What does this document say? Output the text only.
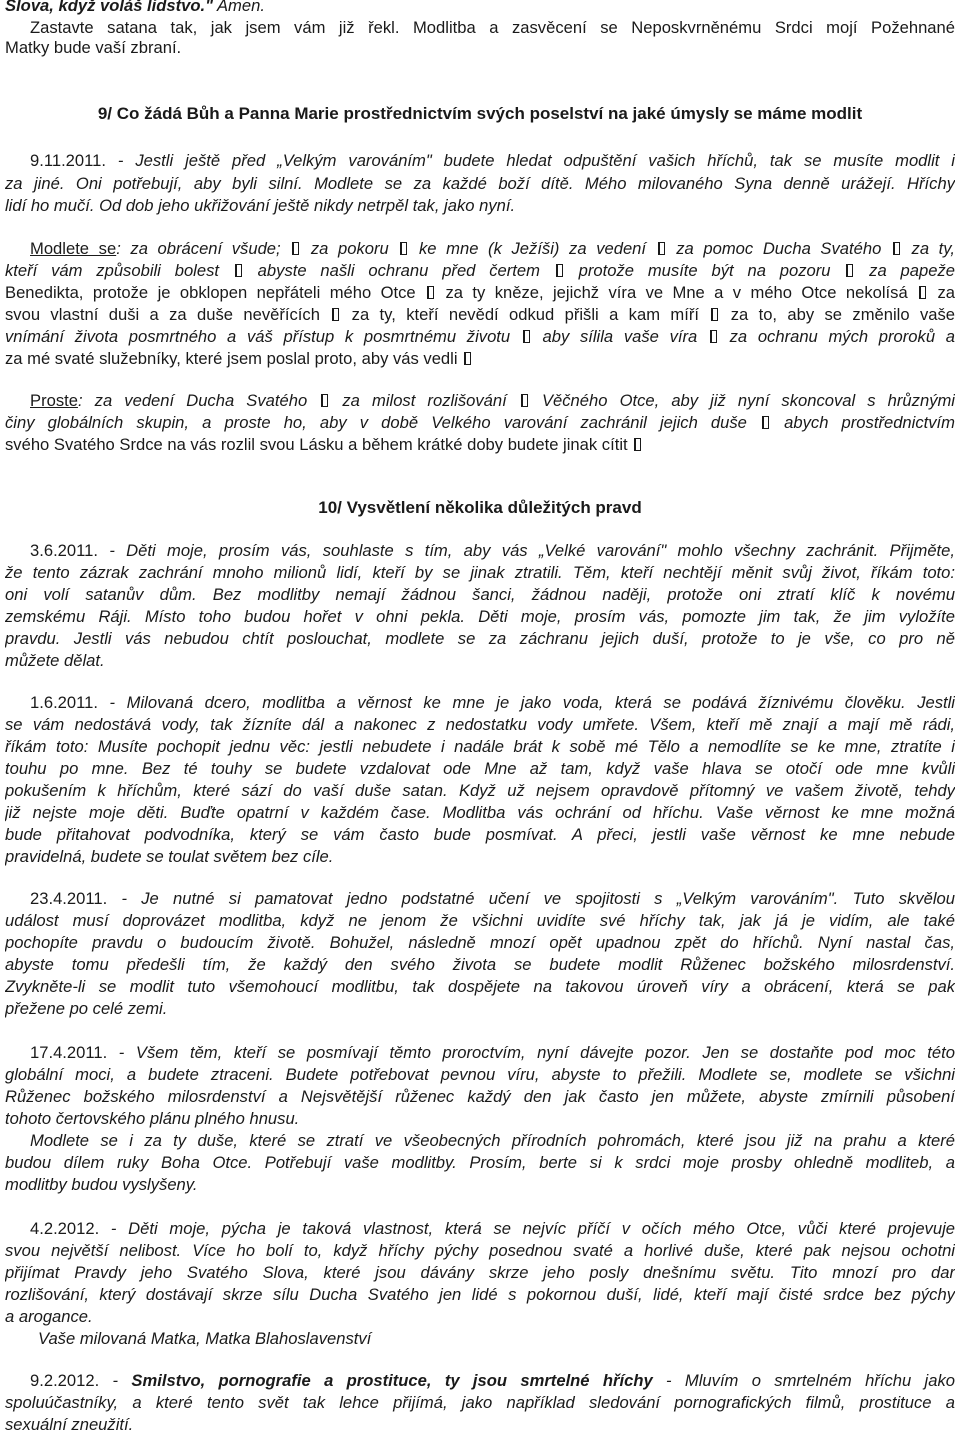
Slova, když voláš lidstvo." Amen.
Zastavte satana tak, jak jsem vám již řekl. Modlitba a zasvěcení se Neposkvrněnému Srdci mojí Požehnané
Matky bude vaší zbraní.
9/ Co žádá Bůh a Panna Marie prostřednictvím svých poselství na jaké úmysly se máme modlit
9.11.2011. - Jestli ještě před „Velkým varováním" budete hledat odpuštění vašich hříchů, tak se musíte modlit i
za jiné. Oni potřebují, aby byli silní. Modlete se za každé boží dítě. Mého milovaného Syna denně urážejí. Hříchy
lidí ho mučí. Od dob jeho ukřižování ještě nikdy netrpěl tak, jako nyní.
Modlete se: za obrácení všude;  za pokoru  ke mne (k Ježíši) za vedení  za pomoc Ducha Svatého  za ty,
kteří vám způsobili bolest  abyste našli ochranu před čertem  protože musíte být na pozoru  za papeže
Benedikta, protože je obklopen nepřáteli mého Otce  za ty kněze, jejichž víra ve Mne a v mého Otce nekolísá  za
svou vlastní duši a za duše nevěřících  za ty, kteří nevědí odkud přišli a kam míří  za to, aby se změnilo vaše
vnímání života posmrtného a váš přístup k posmrtnému životu  aby sílila vaše víra  za ochranu mých proroků a
za mé svaté služebníky, které jsem poslal proto, aby vás vedli
Proste: za vedení Ducha Svatého  za milost rozlišování  Věčného Otce, aby již nyní skoncoval s hrůznými
činy globálních skupin, a proste ho, aby v době Velkého varování zachránil jejich duše  abych prostřednictvím
svého Svatého Srdce na vás rozlil svou Lásku a během krátké doby budete jinak cítit
10/ Vysvětlení několika důležitých pravd
3.6.2011. - Děti moje, prosím vás, souhlaste s tím, aby vás „Velké varování" mohlo všechny zachránit. Přijměte,
že tento zázrak zachrání mnoho milionů lidí, kteří by se jinak ztratili. Těm, kteří nechtějí měnit svůj život, říkám toto:
oni volí satanův dům. Bez modlitby nemají žádnou šanci, žádnou naději, protože oni ztratí klíč k novému
zemskému Ráji. Místo toho budou hořet v ohni pekla. Děti moje, prosím vás, pomozte jim tak, že jim vyložíte
pravdu. Jestli vás nebudou chtít poslouchat, modlete se za záchranu jejich duší, protože to je vše, co pro ně
můžete dělat.
1.6.2011. - Milovaná dcero, modlitba a věrnost ke mne je jako voda, která se podává žíznivému člověku. Jestli
se vám nedostává vody, tak žízníte dál a nakonec z nedostatku vody umřete. Všem, kteří mě znají a mají mě rádi,
říkám toto: Musíte pochopit jednu věc: jestli nebudete i nadále brát k sobě mé Tělo a nemodlíte se ke mne, ztratíte i
touhu po mne. Bez té touhy se budete vzdalovat ode Mne až tam, když vaše hlava se otočí ode mne kvůli
pokušením k hříchům, které sází do vaší duše satan. Když už nejsem opravdově přítomný ve vašem životě, tehdy
již nejste moje děti. Buďte opatrní v každém čase. Modlitba vás ochrání od hříchu. Vaše věrnost ke mne možná
bude přitahovat podvodníka, který se vám často bude posmívat. A přeci, jestli vaše věrnost ke mne nebude
pravidelná, budete se toulat světem bez cíle.
23.4.2011. - Je nutné si pamatovat jedno podstatné učení ve spojitosti s „Velkým varováním". Tuto skvělou
událost musí doprovázet modlitba, když ne jenom že všichni uvidíte své hříchy tak, jak já je vidím, ale také
pochopíte pravdu o budoucím životě. Bohužel, následně mnozí opět upadnou zpět do hříchů. Nyní nastal čas,
abyste tomu předešli tím, že každý den svého života se budete modlit Růženec božského milosrdenství.
Zvykněte-li se modlit tuto všemohoucí modlitbu, tak dospějete na takovou úroveň víry a obrácení, která se pak
přežene po celé zemi.
17.4.2011. - Všem těm, kteří se posmívají těmto proroctvím, nyní dávejte pozor. Jen se dostaňte pod moc této
globální moci, a budete ztraceni. Budete potřebovat pevnou víru, abyste to přežili. Modlete se, modlete se všichni
Růženec božského milosrdenství a Nejsvětější růženec každý den jak často jen můžete, abyste zmírnili působení
tohoto čertovského plánu plného hnusu.
Modlete se i za ty duše, které se ztratí ve všeobecných přírodních pohromách, které jsou již na prahu a které
budou dílem ruky Boha Otce. Potřebují vaše modlitby. Prosím, berte si k srdci moje prosby ohledně modliteb, a
modlitby budou vyslyšeny.
4.2.2012. - Děti moje, pýcha je taková vlastnost, která se nejvíc příčí v očích mého Otce, vůči které projevuje
svou největší nelibost. Více ho bolí to, když hříchy pýchy posednou svaté a horlivé duše, které pak nejsou ochotni
přijímat Pravdy jeho Svatého Slova, které jsou dávány skrze jeho posly dnešnímu světu. Tito mnozí pro dar
rozlišování, který dostávají skrze sílu Ducha Svatého jen lidé s pokornou duší, lidé, kteří mají čisté srdce bez pýchy
a arogance.
Vaše milovaná Matka, Matka Blahoslavenství
9.2.2012. - Smilstvo, pornografie a prostituce, ty jsou smrtelné hříchy - Mluvím o smrtelném hříchu jako
spoluúčastníky, a které tento svět tak lehce přijímá, jako například sledování pornografických filmů, prostituce a
sexuální zneužití.
